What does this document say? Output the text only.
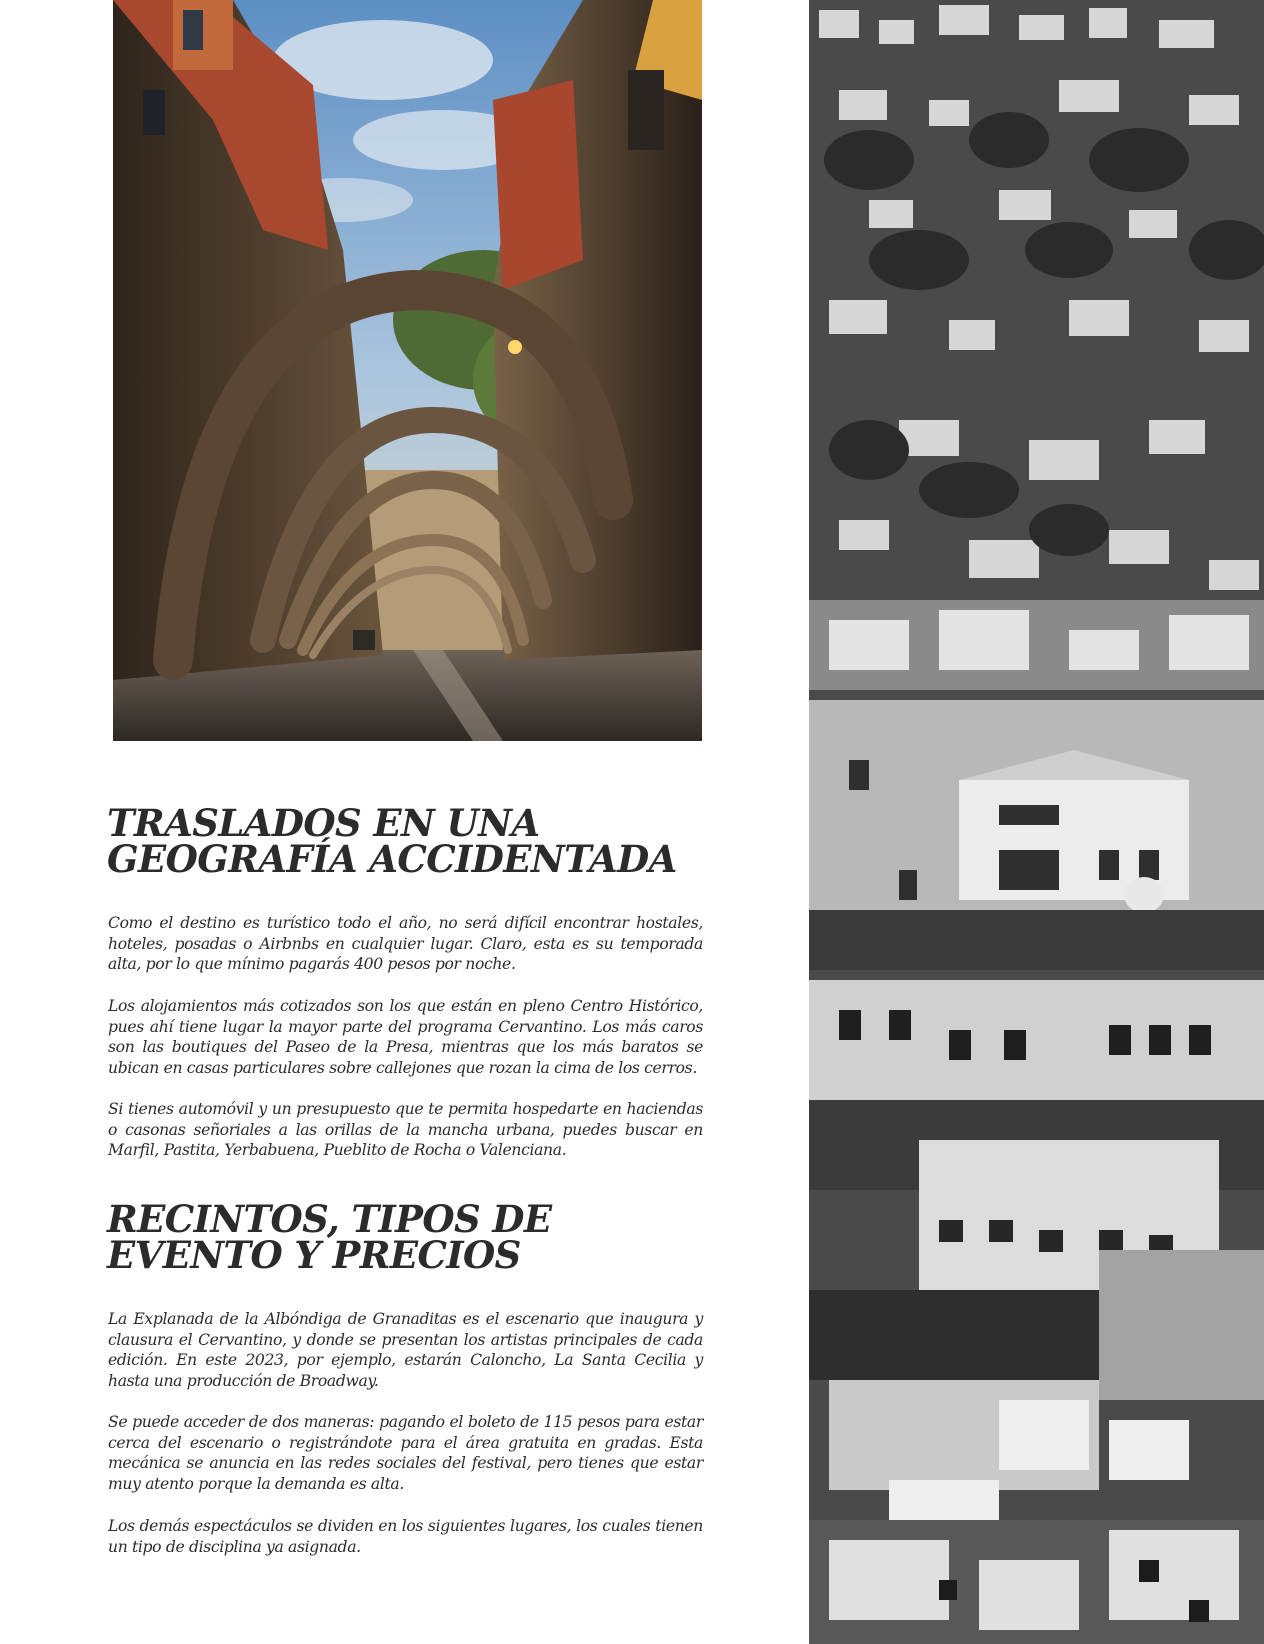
TRASLADOS EN UNA
GEOGRAFÍA ACCIDENTADA

Como el destino es turístico todo el año, no será difícil encontrar hostales, hoteles, posadas o Airbnbs en cualquier lugar. Claro, esta es su temporada alta, por lo que mínimo pagarás 400 pesos por noche.

Los alojamientos más cotizados son los que están en pleno Centro Histórico, pues ahí tiene lugar la mayor parte del programa Cervantino. Los más caros son las boutiques del Paseo de la Presa, mientras que los más baratos se ubican en casas particulares sobre callejones que rozan la cima de los cerros.

Si tienes automóvil y un presupuesto que te permita hospedarte en haciendas o casonas señoriales a las orillas de la mancha urbana, puedes buscar en Marfil, Pastita, Yerbabuena, Pueblito de Rocha o Valenciana.

RECINTOS, TIPOS DE
EVENTO Y PRECIOS

La Explanada de la Albóndiga de Granaditas es el escenario que inaugura y clausura el Cervantino, y donde se presentan los artistas principales de cada edición. En este 2023, por ejemplo, estarán Caloncho, La Santa Cecilia y hasta una producción de Broadway.

Se puede acceder de dos maneras: pagando el boleto de 115 pesos para estar cerca del escenario o registrándote para el área gratuita en gradas. Esta mecánica se anuncia en las redes sociales del festival, pero tienes que estar muy atento porque la demanda es alta.

Los demás espectáculos se dividen en los siguientes lugares, los cuales tienen un tipo de disciplina ya asignada.
